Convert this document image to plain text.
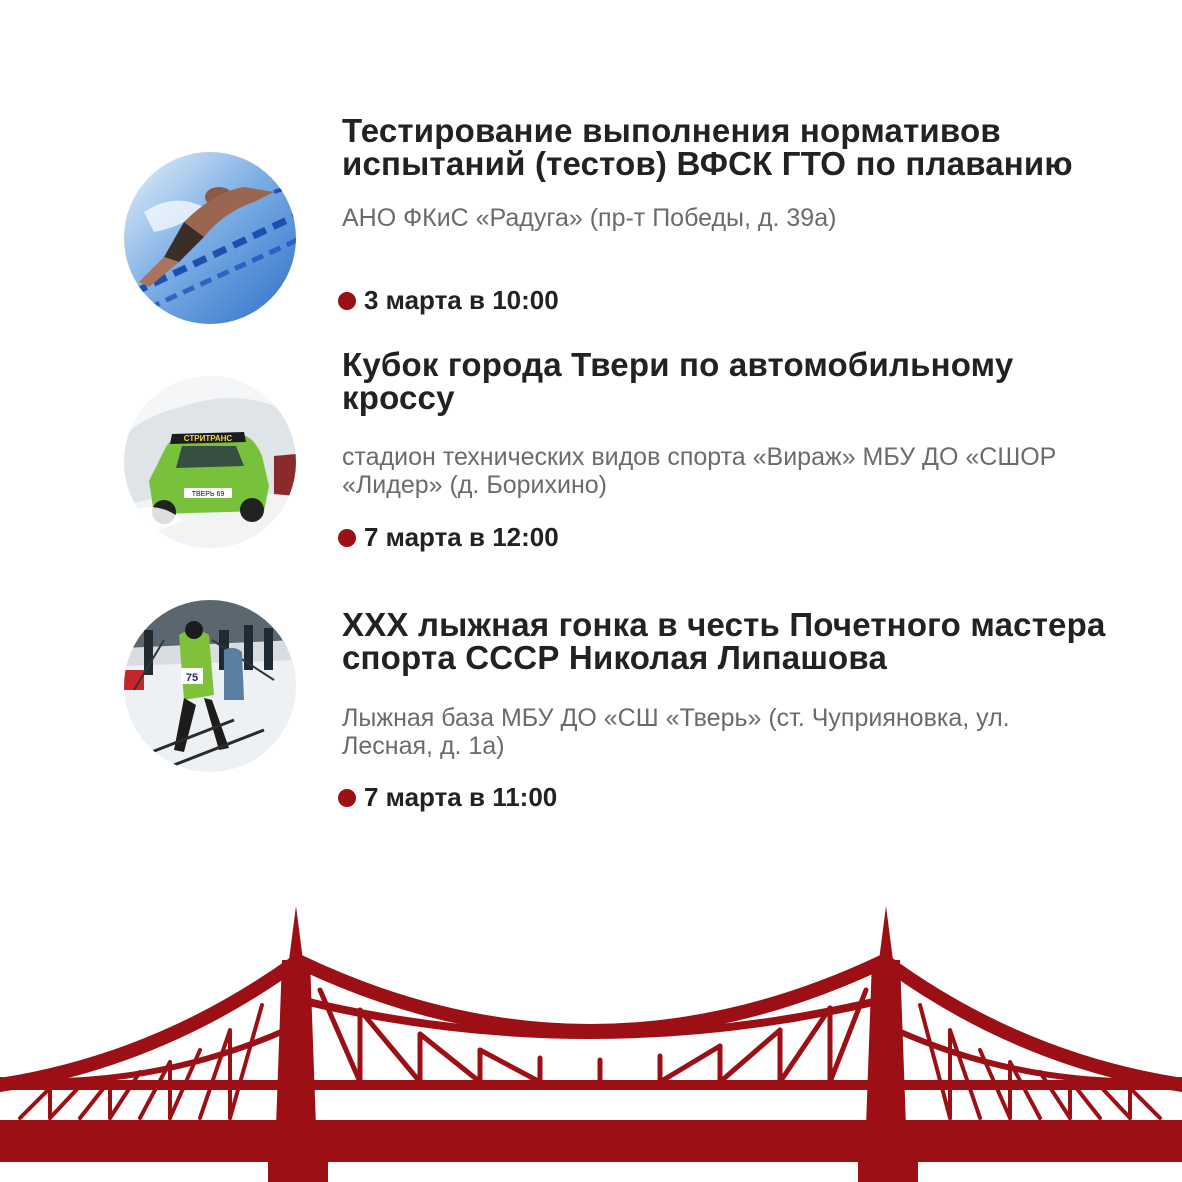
Тестирование выполнения нормативов испытаний (тестов) ВФСК ГТО по плаванию
АНО ФКиС «Радуга» (пр-т Победы, д. 39а)
3 марта в 10:00
СТРИТРАНС
ТВЕРЬ 69
Кубок города Твери по автомобильному кроссу
стадион технических видов спорта «Вираж» МБУ ДО «СШОР «Лидер» (д. Борихино)
7 марта в 12:00
75
XXX лыжная гонка в честь Почетного мастера спорта СССР Николая Липашова
Лыжная база МБУ ДО «СШ «Тверь» (ст. Чуприяновка, ул. Лесная, д. 1а)
7 марта в 11:00
